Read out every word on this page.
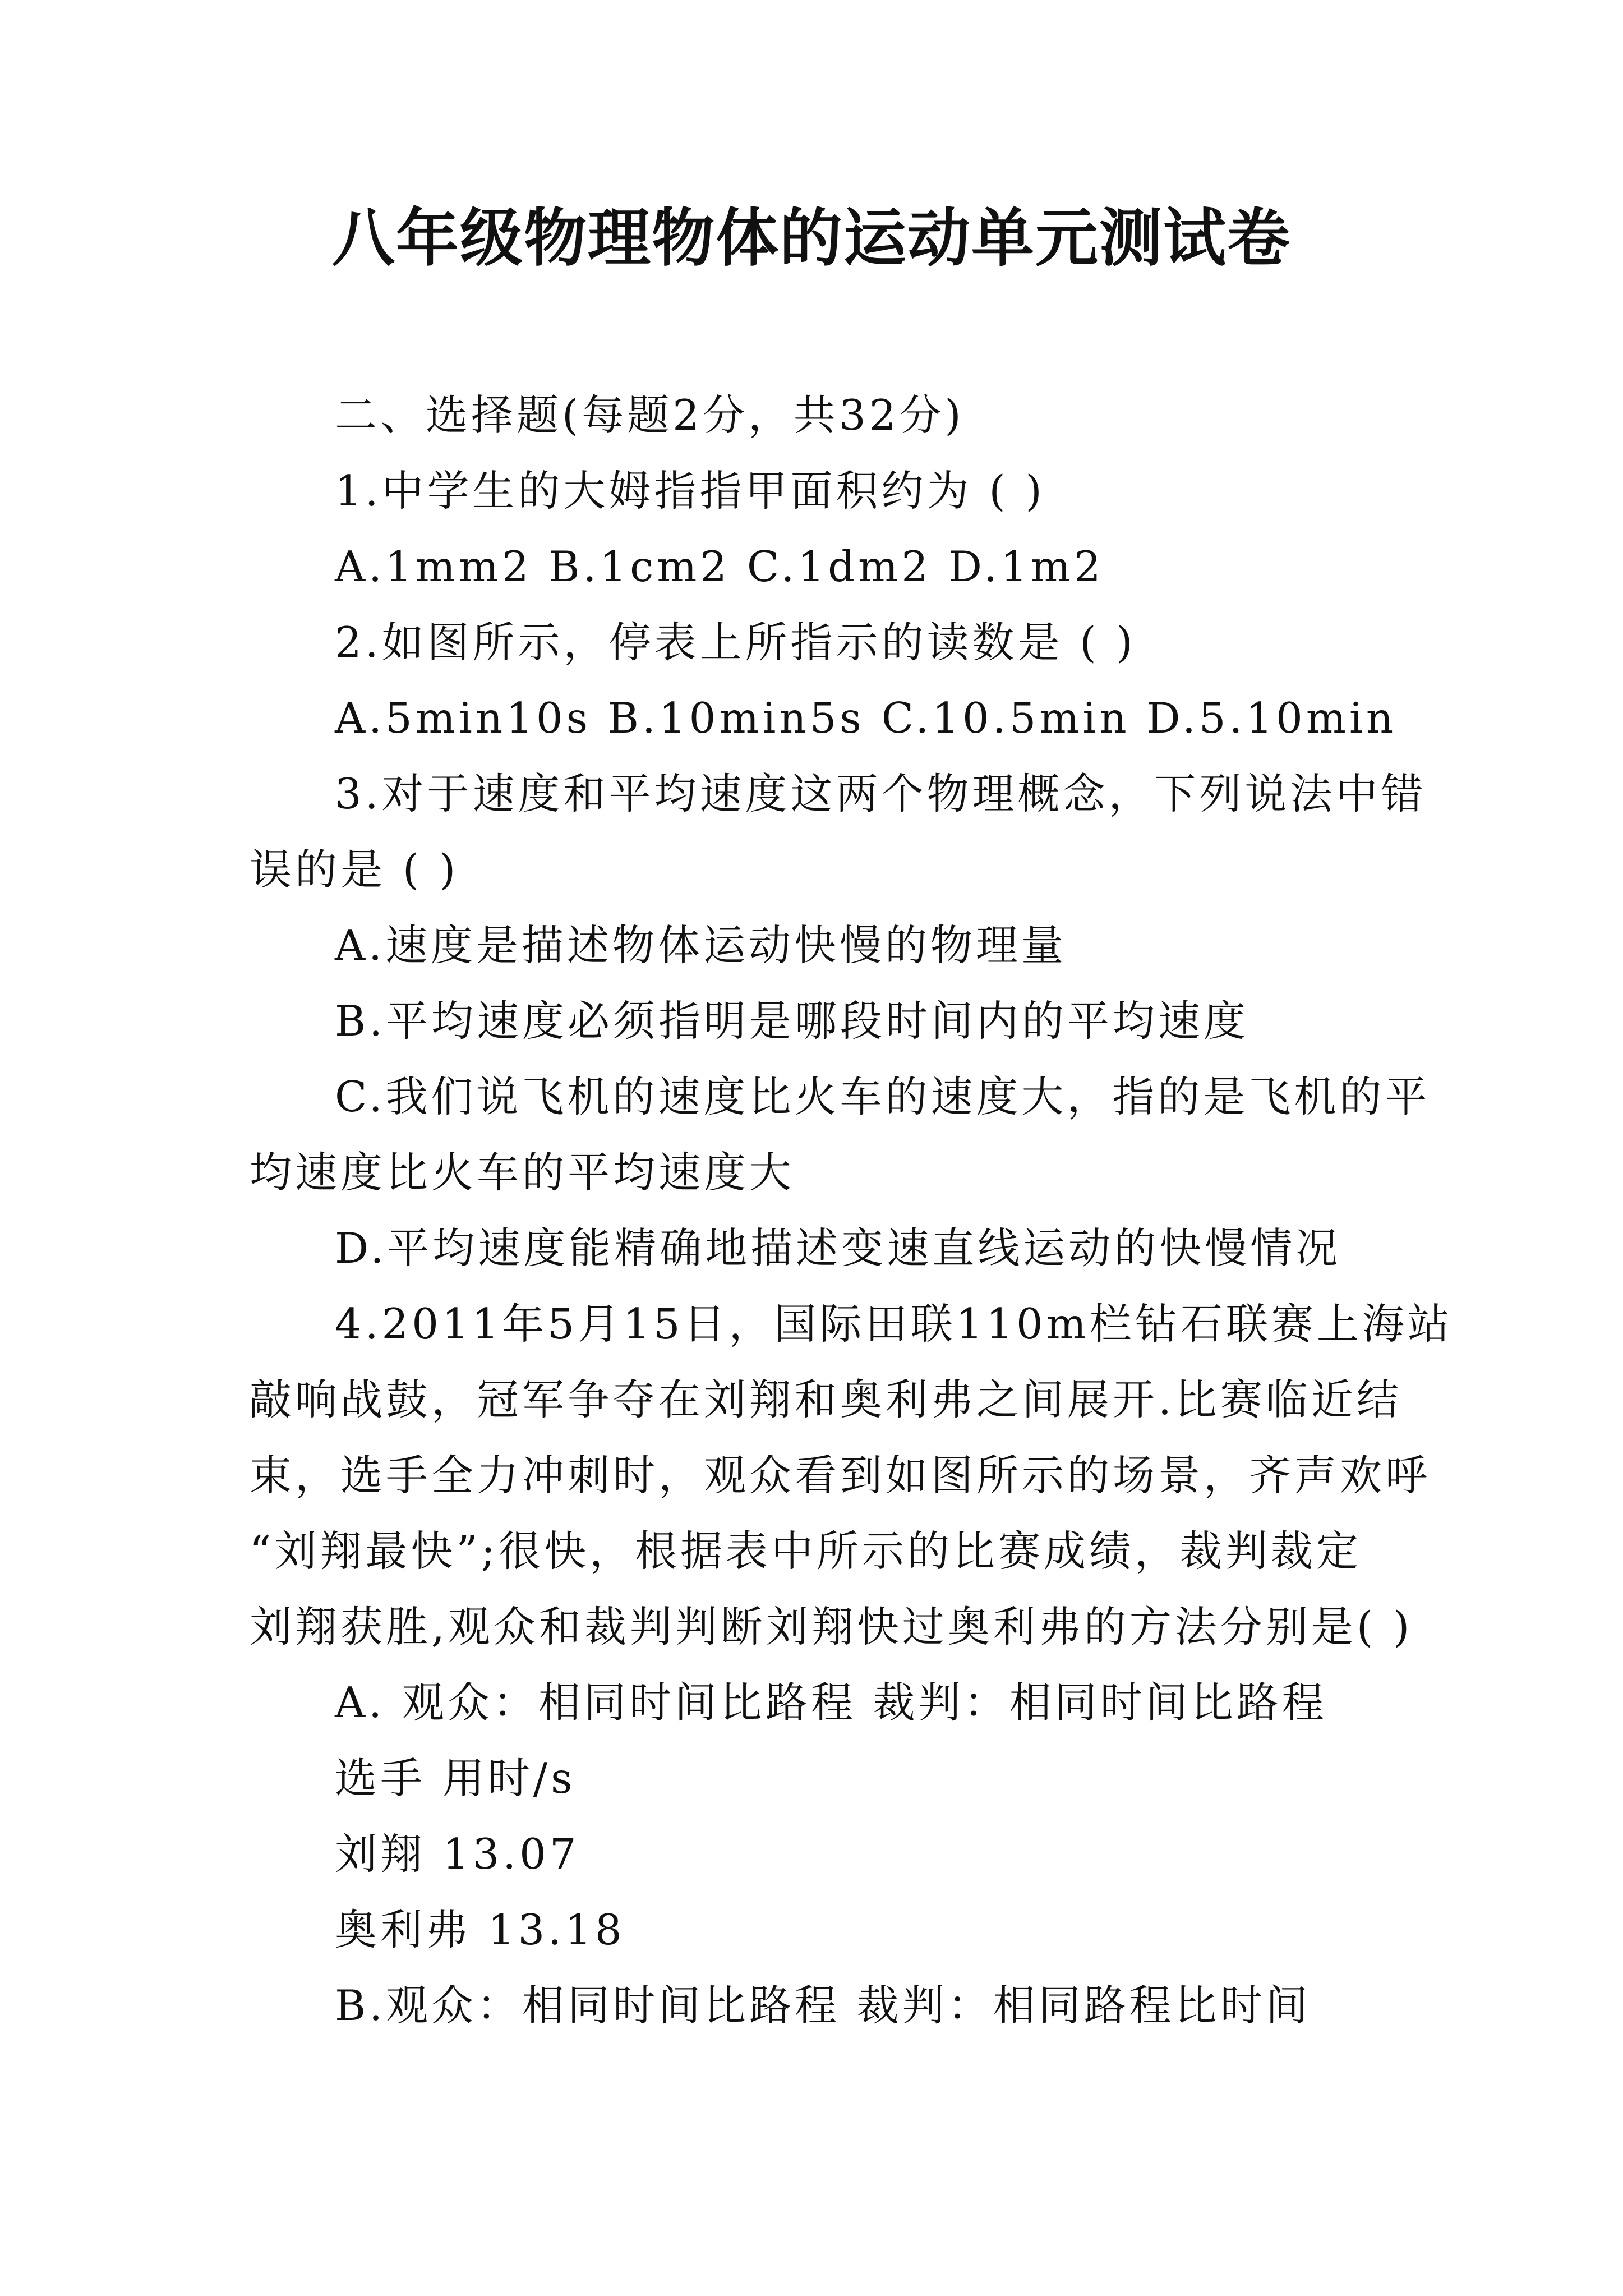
八年级物理物体的运动单元测试卷
二、选择题(每题2分，共32分)
1.中学生的大姆指指甲面积约为 ( )
A.1mm2 B.1cm2 C.1dm2 D.1m2
2.如图所示，停表上所指示的读数是 ( )
A.5min10s B.10min5s C.10.5min D.5.10min
3.对于速度和平均速度这两个物理概念，下列说法中错
误的是 ( )
A.速度是描述物体运动快慢的物理量
B.平均速度必须指明是哪段时间内的平均速度
C.我们说飞机的速度比火车的速度大，指的是飞机的平
均速度比火车的平均速度大
D.平均速度能精确地描述变速直线运动的快慢情况
4.2011年5月15日，国际田联110m栏钻石联赛上海站
敲响战鼓，冠军争夺在刘翔和奥利弗之间展开.比赛临近结
束，选手全力冲刺时，观众看到如图所示的场景，齐声欢呼
“刘翔最快”;很快，根据表中所示的比赛成绩，裁判裁定
刘翔获胜,观众和裁判判断刘翔快过奥利弗的方法分别是( )
A. 观众：相同时间比路程 裁判：相同时间比路程
选手 用时/s
刘翔 13.07
奥利弗 13.18
B.观众：相同时间比路程 裁判：相同路程比时间
